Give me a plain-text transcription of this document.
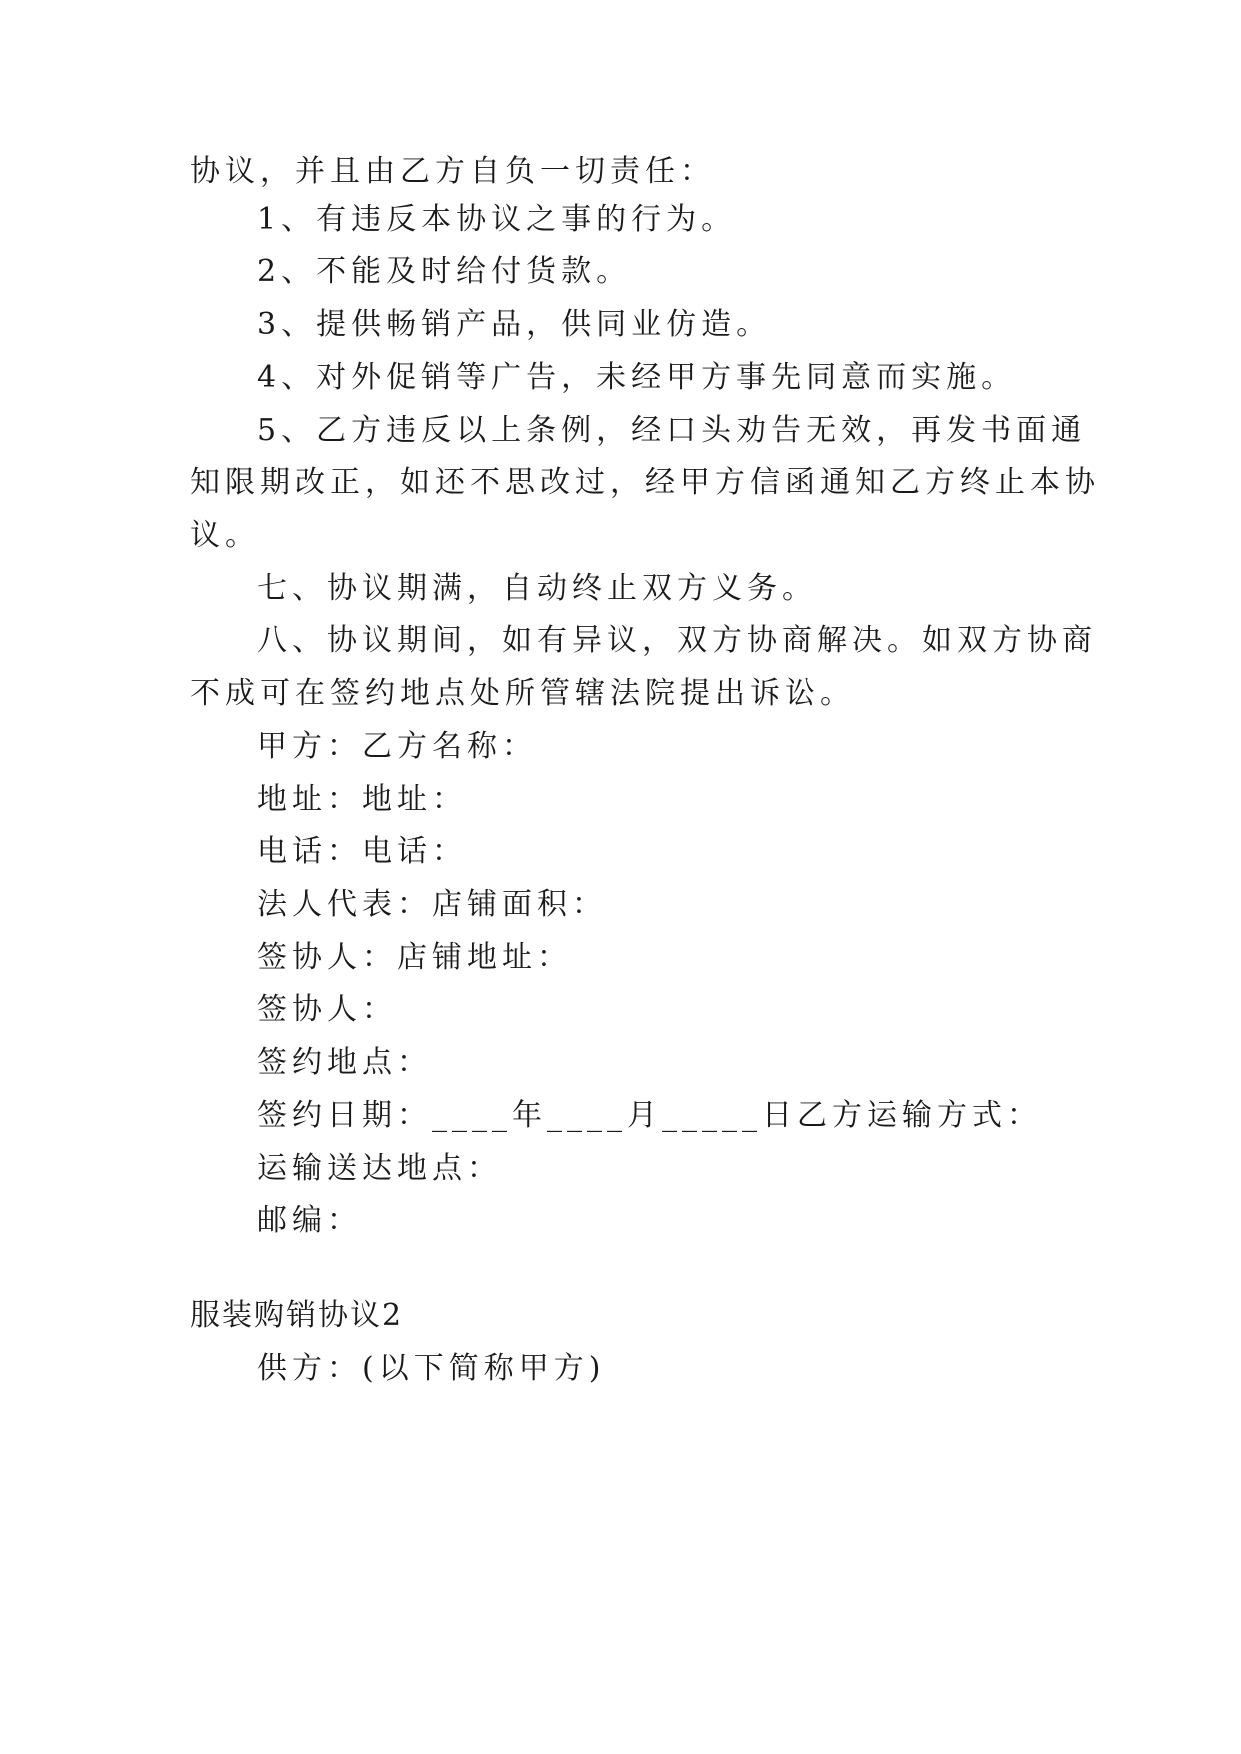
协议，并且由乙方自负一切责任：
1、有违反本协议之事的行为。
2、不能及时给付货款。
3、提供畅销产品，供同业仿造。
4、对外促销等广告，未经甲方事先同意而实施。
5、乙方违反以上条例，经口头劝告无效，再发书面通
知限期改正，如还不思改过，经甲方信函通知乙方终止本协
议。
七、协议期满，自动终止双方义务。
八、协议期间，如有异议，双方协商解决。如双方协商
不成可在签约地点处所管辖法院提出诉讼。
甲方：乙方名称：
地址：地址：
电话：电话：
法人代表：店铺面积：
签协人：店铺地址：
签协人：
签约地点：
签约日期：____年____月_____日乙方运输方式：
运输送达地点：
邮编：
服装购销协议2
供方：(以下简称甲方)
